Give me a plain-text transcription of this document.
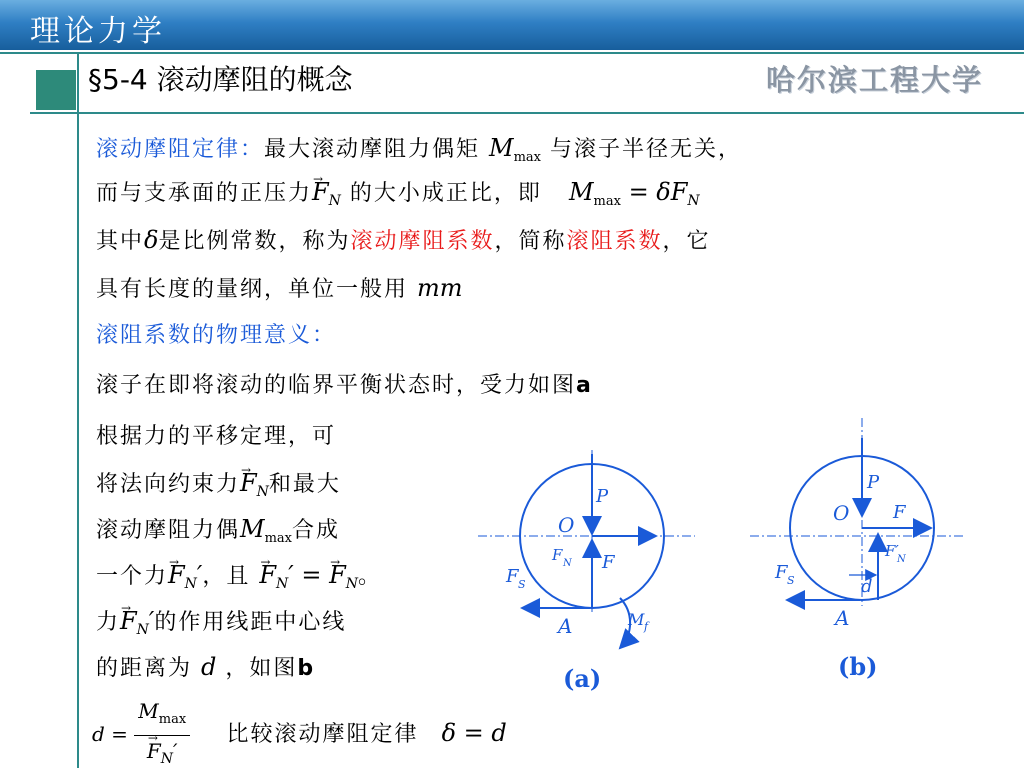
理论力学
§5-4 滚动摩阻的概念	哈尔滨工程大学
滚动摩阻定律：最大滚动摩阻力偶矩 $M_{max}$ 与滚子半径无关，
而与支承面的正压力→ $F_N$ 的大小成正比，即 $M_{max} = \delta F_N$
其中δ是比例常数，称为滚动摩阻系数，简称滚阻系数，它
具有长度的量纲，单位一般用 mm
滚阻系数的物理意义：
滚子在即将滚动的临界平衡状态时，受力如图a
根据力的平移定理，可
将法向约束力→ $F_N$和最大
滚动摩阻力偶$M_{max}$合成
一个力→ $F_N'$，且 → $F_N'$ = → $F_N$。
力→ $F_N'$的作用线距中心线
的距离为 d ，如图b
$d = M_{max}$
→ $F_N'$ 比较滚动摩阻定律 δ = d
O
P
F
F N
F S
A	M f
(a)
O
P
F
F′
N
F S	d
A
(b)
